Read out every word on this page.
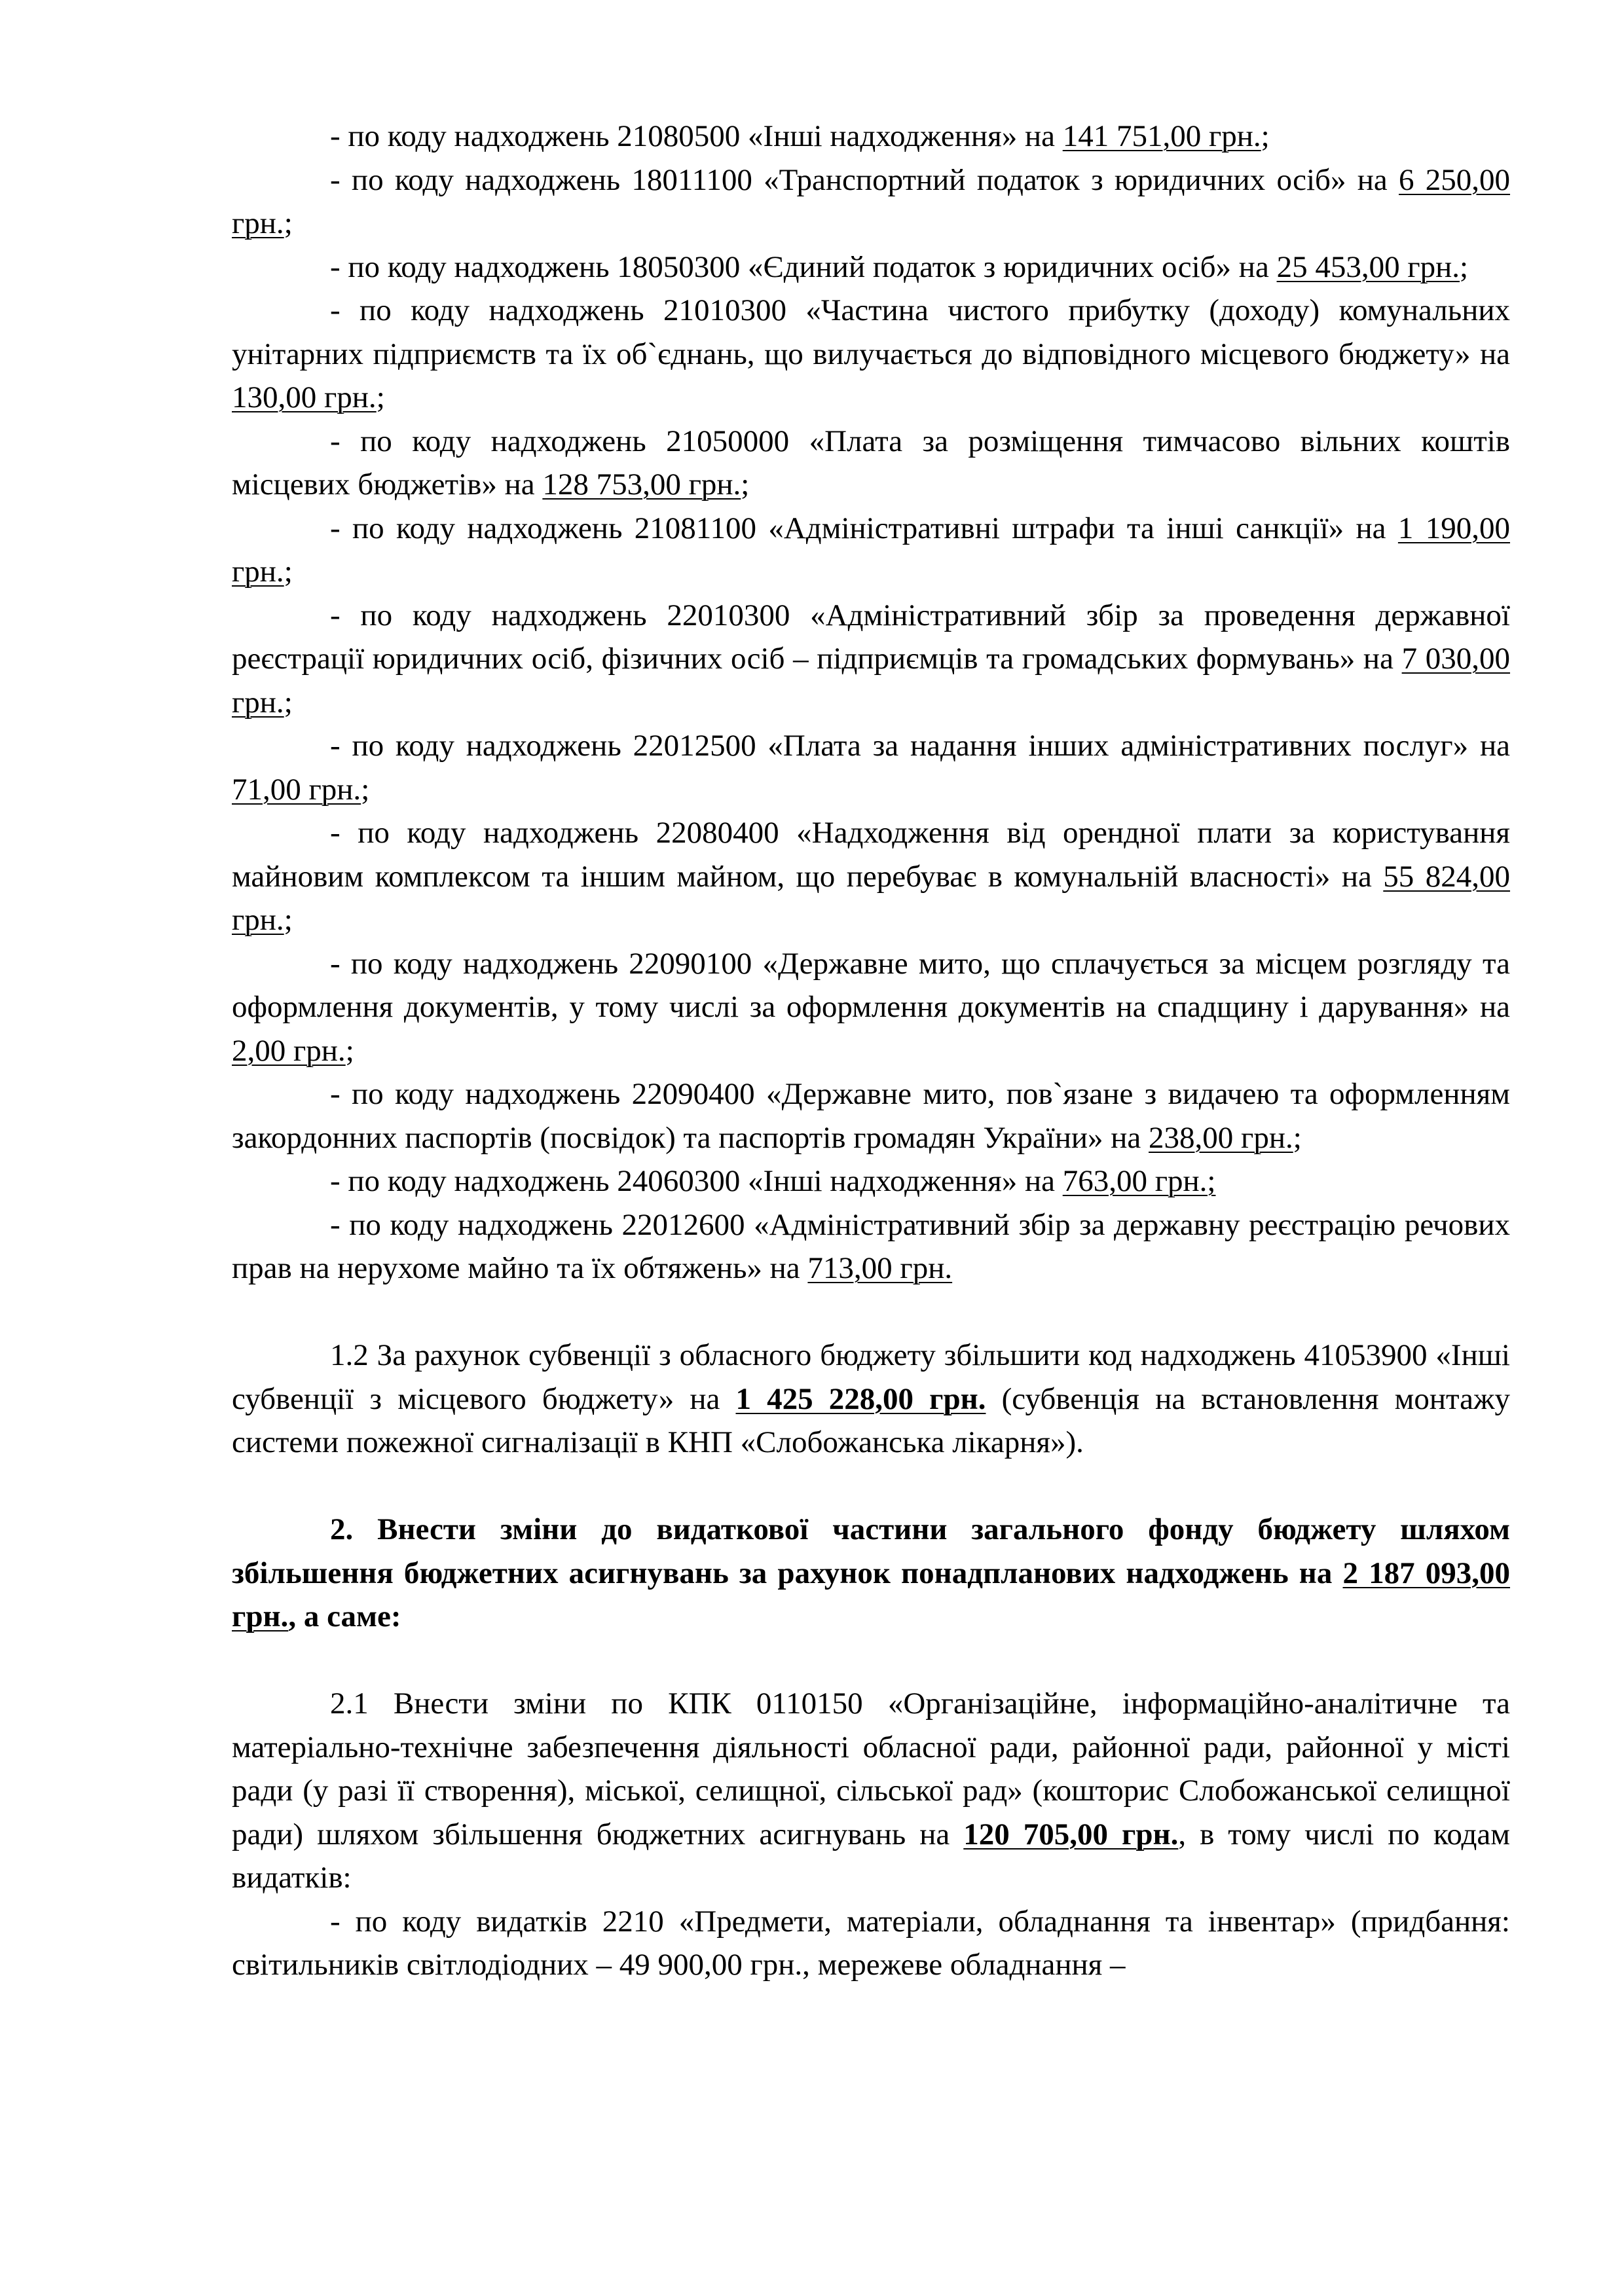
- по коду надходжень 21080500 «Інші надходження» на 141 751,00 грн.;

- по коду надходжень 18011100 «Транспортний податок з юридичних осіб» на 6 250,00 грн.;

- по коду надходжень 18050300 «Єдиний податок з юридичних осіб» на 25 453,00 грн.;

- по коду надходжень 21010300 «Частина чистого прибутку (доходу) комунальних унітарних підприємств та їх об`єднань, що вилучається до відповідного місцевого бюджету» на 130,00 грн.;

- по коду надходжень 21050000 «Плата за розміщення тимчасово вільних коштів місцевих бюджетів» на 128 753,00 грн.;

- по коду надходжень 21081100 «Адміністративні штрафи та інші санкції» на 1 190,00 грн.;

- по коду надходжень 22010300 «Адміністративний збір за проведення державної реєстрації юридичних осіб, фізичних осіб – підприємців та громадських формувань» на 7 030,00 грн.;

- по коду надходжень 22012500 «Плата за надання інших адміністративних послуг» на 71,00 грн.;

- по коду надходжень 22080400 «Надходження від орендної плати за користування майновим комплексом та іншим майном, що перебуває в комунальній власності» на 55 824,00 грн.;

- по коду надходжень 22090100 «Державне мито, що сплачується за місцем розгляду та оформлення документів, у тому числі за оформлення документів на спадщину і дарування» на 2,00 грн.;

- по коду надходжень 22090400 «Державне мито, пов`язане з видачею та оформленням закордонних паспортів (посвідок) та паспортів громадян України» на 238,00 грн.;

- по коду надходжень 24060300 «Інші надходження» на 763,00 грн.;

- по коду надходжень 22012600 «Адміністративний збір за державну реєстрацію речових прав на нерухоме майно та їх обтяжень» на 713,00 грн.

1.2 За рахунок субвенції з обласного бюджету збільшити код надходжень 41053900 «Інші субвенції з місцевого бюджету» на 1 425 228,00 грн. (субвенція на встановлення монтажу системи пожежної сигналізації в КНП «Слобожанська лікарня»).

2. Внести зміни до видаткової частини загального фонду бюджету шляхом збільшення бюджетних асигнувань за рахунок понадпланових надходжень на 2 187 093,00 грн., а саме:

2.1 Внести зміни по КПК 0110150 «Організаційне, інформаційно-аналітичне та матеріально-технічне забезпечення діяльності обласної ради, районної ради, районної у місті ради (у разі її створення), міської, селищної, сільської рад» (кошторис Слобожанської селищної ради) шляхом збільшення бюджетних асигнувань на 120 705,00 грн., в тому числі по кодам видатків:

- по коду видатків 2210 «Предмети, матеріали, обладнання та інвентар» (придбання: світильників світлодіодних – 49 900,00 грн., мережеве обладнання –
